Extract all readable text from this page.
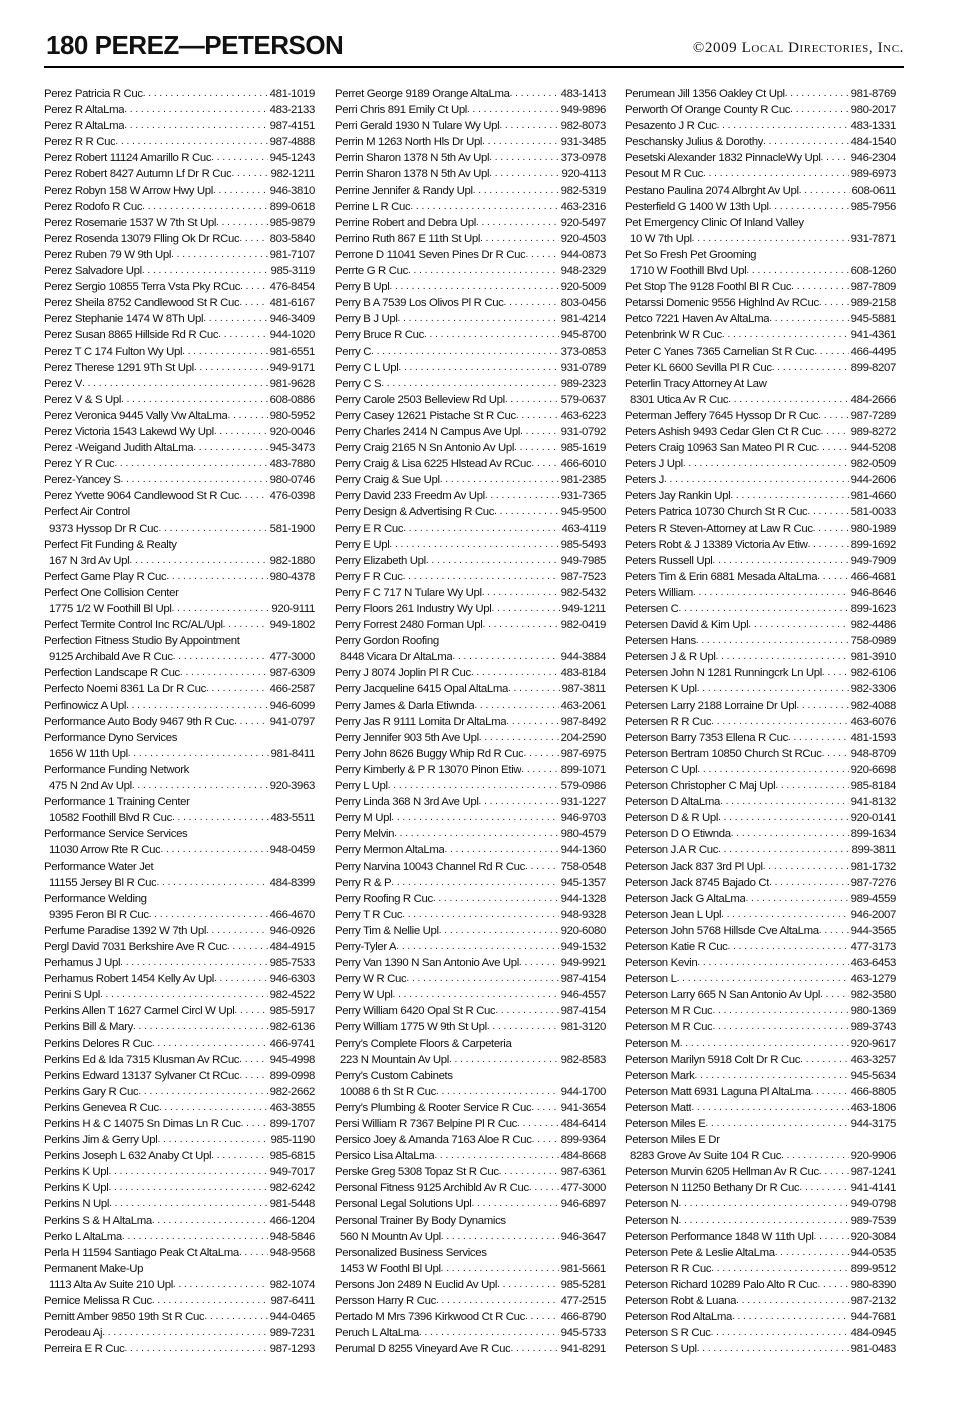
180 PEREZ—PETERSON	©2009 Local Directories, Inc.
Perez Patricia R Cuc . . .	481-1019
Perez R AltaLma . . .	483-2133
Perez R AltaLma . . .	987-4151
Perez R R Cuc . . .	987-4888
Perez Robert 11124 Amarillo R Cuc . . .	945-1243
Perez Robert 8427 Autumn Lf Dr R Cuc . . .	982-1211
Perez Robyn 158 W Arrow Hwy Upl . . .	946-3810
Perez Rodofo R Cuc . . .	899-0618
Perez Rosemarie 1537 W 7th St Upl . . .	985-9879
Perez Rosenda 13079 Flling Ok Dr RCuc . . .	803-5840
Perez Ruben 79 W 9th Upl . . .	981-7107
Perez Salvadore Upl . . .	985-3119
Perez Sergio 10855 Terra Vsta Pky RCuc . . .	476-8454
Perez Sheila 8752 Candlewood St R Cuc . . .	481-6167
Perez Stephanie 1474 W 8Th Upl . . .	946-3409
Perez Susan 8865 Hillside Rd R Cuc . . .	944-1020
Perez T C 174 Fulton Wy Upl . . .	981-6551
Perez Therese 1291 9Th St Upl . . .	949-9171
Perez V . . .	981-9628
Perez V & S Upl . . .	608-0886
Perez Veronica 9445 Vally Vw AltaLma . . .	980-5952
Perez Victoria 1543 Lakewd Wy Upl . . .	920-0046
Perez -Weigand Judith AltaLma . . .	945-3473
Perez Y R Cuc . . .	483-7880
Perez-Yancey S . . .	980-0746
Perez Yvette 9064 Candlewood St R Cuc . . .	476-0398
Perfect Air Control
9373 Hyssop Dr R Cuc . . .	581-1900
Perfect Fit Funding & Realty
167 N 3rd Av Upl . . .	982-1880
Perfect Game Play R Cuc . . .	980-4378
Perfect One Collision Center
1775 1/2 W Foothill Bl Upl . . .	920-9111
Perfect Termite Control Inc RC/AL/Upl . . .	949-1802
Perfection Fitness Studio By Appointment
9125 Archibald Ave R Cuc . . .	477-3000
Perfection Landscape R Cuc . . .	987-6309
Perfecto Noemi 8361 La Dr R Cuc . . .	466-2587
Perfinowicz A Upl . . .	946-6099
Performance Auto Body 9467 9th R Cuc . . .	941-0797
Performance Dyno Services
1656 W 11th Upl . . .	981-8411
Performance Funding Network
475 N 2nd Av Upl . . .	920-3963
Performance 1 Training Center
10582 Foothill Blvd R Cuc . . .	483-5511
Performance Service Services
11030 Arrow Rte R Cuc . . .	948-0459
Performance Water Jet
11155 Jersey Bl R Cuc . . .	484-8399
Performance Welding
9395 Feron Bl R Cuc . . .	466-4670
Perfume Paradise 1392 W 7th Upl . . .	946-0926
Pergl David 7031 Berkshire Ave R Cuc . . .	484-4915
Perhamus J Upl . . .	985-7533
Perhamus Robert 1454 Kelly Av Upl . . .	946-6303
Perini S Upl . . .	982-4522
Perkins Allen T 1627 Carmel Circl W Upl . . .	985-5917
Perkins Bill & Mary . . .	982-6136
Perkins Delores R Cuc . . .	466-9741
Perkins Ed & Ida 7315 Klusman Av RCuc . . .	945-4998
Perkins Edward 13137 Sylvaner Ct RCuc . . .	899-0998
Perkins Gary R Cuc . . .	982-2662
Perkins Genevea R Cuc . . .	463-3855
Perkins H & C 14075 Sn Dimas Ln R Cuc . . .	899-1707
Perkins Jim & Gerry Upl . . .	985-1190
Perkins Joseph L 632 Anaby Ct Upl . . .	985-6815
Perkins K Upl . . .	949-7017
Perkins K Upl . . .	982-6242
Perkins N Upl . . .	981-5448
Perkins S & H AltaLma . . .	466-1204
Perko L AltaLma . . .	948-5846
Perla H 11594 Santiago Peak Ct AltaLma . . .	948-9568
Permanent Make-Up
1113 Alta Av Suite 210 Upl . . .	982-1074
Pernice Melissa R Cuc . . .	987-6411
Pernitt Amber 9850 19th St R Cuc . . .	944-0465
Perodeau Aj . . .	989-7231
Perreira E R Cuc . . .	987-1293
Perret George 9189 Orange AltaLma . . .	483-1413
Perri Chris 891 Emily Ct Upl . . .	949-9896
Perri Gerald 1930 N Tulare Wy Upl . . .	982-8073
Perrin M 1263 North Hls Dr Upl . . .	931-3485
Perrin Sharon 1378 N 5th Av Upl . . .	373-0978
Perrin Sharon 1378 N 5th Av Upl . . .	920-4113
Perrine Jennifer & Randy Upl . . .	982-5319
Perrine L R Cuc . . .	463-2316
Perrine Robert and Debra Upl . . .	920-5497
Perrino Ruth 867 E 11th St Upl . . .	920-4503
Perrone D 11041 Seven Pines Dr R Cuc . . .	944-0873
Perrte G R Cuc . . .	948-2329
Perry B Upl . . .	920-5009
Perry B A 7539 Los Olivos Pl R Cuc . . .	803-0456
Perry B J Upl . . .	981-4214
Perry Bruce R Cuc . . .	945-8700
Perry C . . .	373-0853
Perry C L Upl . . .	931-0789
Perry C S . . .	989-2323
Perry Carole 2503 Belleview Rd Upl . . .	579-0637
Perry Casey 12621 Pistache St R Cuc . . .	463-6223
Perry Charles 2414 N Campus Ave Upl . . .	931-0792
Perry Craig 2165 N Sn Antonio Av Upl . . .	985-1619
Perry Craig & Lisa 6225 Hlstead Av RCuc . . .	466-6010
Perry Craig & Sue Upl . . .	981-2385
Perry David 233 Freedm Av Upl . . .	931-7365
Perry Design & Advertising R Cuc . . .	945-9500
Perry E R Cuc . . .	463-4119
Perry E Upl . . .	985-5493
Perry Elizabeth Upl . . .	949-7985
Perry F R Cuc . . .	987-7523
Perry F C 717 N Tulare Wy Upl . . .	982-5432
Perry Floors 261 Industry Wy Upl . . .	949-1211
Perry Forrest 2480 Forman Upl . . .	982-0419
Perry Gordon Roofing
8448 Vicara Dr AltaLma . . .	944-3884
Perry J 8074 Joplin Pl R Cuc . . .	483-8184
Perry Jacqueline 6415 Opal AltaLma . . .	987-3811
Perry James & Darla Etiwnda . . .	463-2061
Perry Jas R 9111 Lomita Dr AltaLma . . .	987-8492
Perry Jennifer 903 5th Ave Upl . . .	204-2590
Perry John 8626 Buggy Whip Rd R Cuc . . .	987-6975
Perry Kimberly & P R 13070 Pinon Etiw . . .	899-1071
Perry L Upl . . .	579-0986
Perry Linda 368 N 3rd Ave Upl . . .	931-1227
Perry M Upl . . .	946-9703
Perry Melvin . . .	980-4579
Perry Mermon AltaLma . . .	944-1360
Perry Narvina 10043 Channel Rd R Cuc . . .	758-0548
Perry R & P . . .	945-1357
Perry Roofing R Cuc . . .	944-1328
Perry T R Cuc . . .	948-9328
Perry Tim & Nellie Upl . . .	920-6080
Perry-Tyler A . . .	949-1532
Perry Van 1390 N San Antonio Ave Upl . . .	949-9921
Perry W R Cuc . . .	987-4154
Perry W Upl . . .	946-4557
Perry William 6420 Opal St R Cuc . . .	987-4154
Perry William 1775 W 9th St Upl . . .	981-3120
Perry’s Complete Floors & Carpeteria
223 N Mountain Av Upl . . .	982-8583
Perry’s Custom Cabinets
10088 6 th St R Cuc . . .	944-1700
Perry’s Plumbing & Rooter Service R Cuc . . .	941-3654
Persi William R 7367 Belpine Pl R Cuc . . .	484-6414
Persico Joey & Amanda 7163 Aloe R Cuc . . .	899-9364
Persico Lisa AltaLma . . .	484-8668
Perske Greg 5308 Topaz St R Cuc . . .	987-6361
Personal Fitness 9125 Archibld Av R Cuc . . .	477-3000
Personal Legal Solutions Upl . . .	946-6897
Personal Trainer By Body Dynamics
560 N Mountn Av Upl . . .	946-3647
Personalized Business Services
1453 W Foothl Bl Upl . . .	981-5661
Persons Jon 2489 N Euclid Av Upl . . .	985-5281
Persson Harry R Cuc . . .	477-2515
Pertado M Mrs 7396 Kirkwood Ct R Cuc . . .	466-8790
Peruch L AltaLma . . .	945-5733
Perumal D 8255 Vineyard Ave R Cuc . . .	941-8291
Perumean Jill 1356 Oakley Ct Upl . . .	981-8769
Perworth Of Orange County R Cuc . . .	980-2017
Pesazento J R Cuc . . .	483-1331
Peschansky Julius & Dorothy . . .	484-1540
Pesetski Alexander 1832 PinnacleWy Upl . . .	946-2304
Pesout M R Cuc . . .	989-6973
Pestano Paulina 2074 Albrght Av Upl . . .	608-0611
Pesterfield G 1400 W 13th Upl . . .	985-7956
Pet Emergency Clinic Of Inland Valley
10 W 7th Upl . . .	931-7871
Pet So Fresh Pet Grooming
1710 W Foothill Blvd Upl . . .	608-1260
Pet Stop The 9128 Foothl Bl R Cuc . . .	987-7809
Petarssi Domenic 9556 Highlnd Av RCuc . . .	989-2158
Petco 7221 Haven Av AltaLma . . .	945-5881
Petenbrink W R Cuc . . .	941-4361
Peter C Yanes 7365 Carnelian St R Cuc . . .	466-4495
Peter KL 6600 Sevilla Pl R Cuc . . .	899-8207
Peterlin Tracy Attorney At Law
8301 Utica Av R Cuc . . .	484-2666
Peterman Jeffery 7645 Hyssop Dr R Cuc . . .	987-7289
Peters Ashish 9493 Cedar Glen Ct R Cuc . . .	989-8272
Peters Craig 10963 San Mateo Pl R Cuc . . .	944-5208
Peters J Upl . . .	982-0509
Peters J . . .	944-2606
Peters Jay Rankin Upl . . .	981-4660
Peters Patrica 10730 Church St R Cuc . . .	581-0033
Peters R Steven-Attorney at Law R Cuc . . .	980-1989
Peters Robt & J 13389 Victoria Av Etiw . . .	899-1692
Peters Russell Upl . . .	949-7909
Peters Tim & Erin 6881 Mesada AltaLma . . .	466-4681
Peters William . . .	946-8646
Petersen C . . .	899-1623
Petersen David & Kim Upl . . .	982-4486
Petersen Hans . . .	758-0989
Petersen J & R Upl . . .	981-3910
Petersen John N 1281 Runningcrk Ln Upl . . .	982-6106
Petersen K Upl . . .	982-3306
Petersen Larry 2188 Lorraine Dr Upl . . .	982-4088
Petersen R R Cuc . . .	463-6076
Peterson Barry 7353 Ellena R Cuc . . .	481-1593
Peterson Bertram 10850 Church St RCuc . . .	948-8709
Peterson C Upl . . .	920-6698
Peterson Christopher C Maj Upl . . .	985-8184
Peterson D AltaLma . . .	941-8132
Peterson D & R Upl . . .	920-0141
Peterson D O Etiwnda . . .	899-1634
Peterson J.A R Cuc . . .	899-3811
Peterson Jack 837 3rd Pl Upl . . .	981-1732
Peterson Jack 8745 Bajado Ct . . .	987-7276
Peterson Jack G AltaLma . . .	989-4559
Peterson Jean L Upl . . .	946-2007
Peterson John 5768 Hillsde Cve AltaLma . . .	944-3565
Peterson Katie R Cuc . . .	477-3173
Peterson Kevin . . .	463-6453
Peterson L . . .	463-1279
Peterson Larry 665 N San Antonio Av Upl . . .	982-3580
Peterson M R Cuc . . .	980-1369
Peterson M R Cuc . . .	989-3743
Peterson M . . .	920-9617
Peterson Marilyn 5918 Colt Dr R Cuc . . .	463-3257
Peterson Mark . . .	945-5634
Peterson Matt 6931 Laguna Pl AltaLma . . .	466-8805
Peterson Matt . . .	463-1806
Peterson Miles E . . .	944-3175
Peterson Miles E Dr
8283 Grove Av Suite 104 R Cuc . . .	920-9906
Peterson Murvin 6205 Hellman Av R Cuc . . .	987-1241
Peterson N 11250 Bethany Dr R Cuc . . .	941-4141
Peterson N . . .	949-0798
Peterson N . . .	989-7539
Peterson Performance 1848 W 11th Upl . . .	920-3084
Peterson Pete & Leslie AltaLma . . .	944-0535
Peterson R R Cuc . . .	899-9512
Peterson Richard 10289 Palo Alto R Cuc . . .	980-8390
Peterson Robt & Luana . . .	987-2132
Peterson Rod AltaLma . . .	944-7681
Peterson S R Cuc . . .	484-0945
Peterson S Upl . . .	981-0483
